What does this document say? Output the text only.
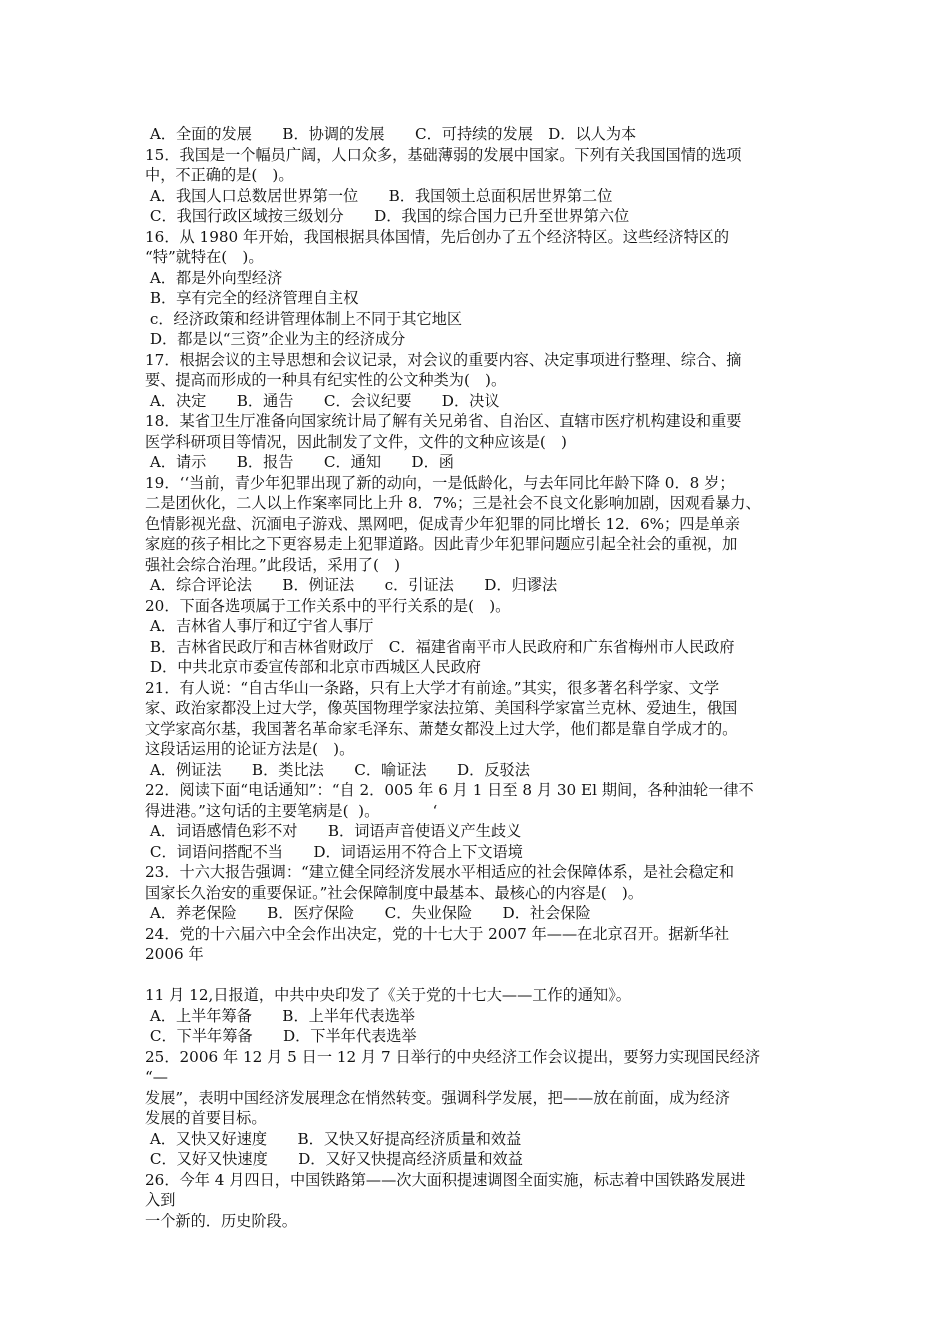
A．全面的发展　　B．协调的发展　　C．可持续的发展　D．以人为本
15．我国是一个幅员广阔，人口众多，基础薄弱的发展中国家。下列有关我国国情的选项
中，不正确的是(　)。
A．我国人口总数居世界第一位　　B．我国领土总面积居世界第二位
C．我国行政区域按三级划分　　D．我国的综合国力已升至世界第六位
16．从 1980 年开始，我国根据具体国情，先后创办了五个经济特区。这些经济特区的
“特”就特在(　)。
A．都是外向型经济
B．享有完全的经济管理自主权
c．经济政策和经讲管理体制上不同于其它地区
D．都是以“三资”企业为主的经济成分
17．根据会议的主导思想和会议记录，对会议的重要内容、决定事项进行整理、综合、摘
要、提高而形成的一种具有纪实性的公文种类为(　)。
A．决定　　B．通告　　C．会议纪要　　D．决议
18．某省卫生厅准备向国家统计局了解有关兄弟省、自治区、直辖市医疗机构建设和重要
医学科研项目等情况，因此制发了文件，文件的文种应该是(　)
A．请示　　B．报告　　C．通知　　D．函
19．‘‘当前，青少年犯罪出现了新的动向，一是低龄化，与去年同比年龄下降 0．8 岁；
二是团伙化，二人以上作案率同比上升 8．7%；三是社会不良文化影响加剧，因观看暴力、
色情影视光盘、沉湎电子游戏、黑网吧，促成青少年犯罪的同比增长 12．6%；四是单亲
家庭的孩子相比之下更容易走上犯罪道路。因此青少年犯罪问题应引起全社会的重视，加
强社会综合治理。”此段话，采用了(　)
A．综合评论法　　B．例证法　　c．引证法　　D．归谬法
20．下面各选项属于工作关系中的平行关系的是(　)。
A．吉林省人事厅和辽宁省人事厅
B．吉林省民政厅和吉林省财政厅　C．福建省南平市人民政府和广东省梅州市人民政府
D．中共北京市委宣传部和北京市西城区人民政府
21．有人说：“自古华山一条路，只有上大学才有前途。”其实，很多著名科学家、文学
家、政治家都没上过大学，像英国物理学家法拉第、美国科学家富兰克林、爱迪生，俄国
文学家高尔基，我国著名革命家毛泽东、萧楚女都没上过大学，他们都是靠自学成才的。
这段话运用的论证方法是(　)。
A．例证法　　B．类比法　　C．喻证法　　D．反驳法
22．阅读下面“电话通知”：“自 2．005 年 6 月 1 日至 8 月 30 El 期间，各种油轮一律不
得进港。”这句话的主要笔病是(  )。　　　　‘
A．词语感情色彩不对　　B．词语声音使语义产生歧义
C．词语问搭配不当　　D．词语运用不符合上下文语境
23．十六大报告强调：“建立健全同经济发展水平相适应的社会保障体系，是社会稳定和
国家长久治安的重要保证。”社会保障制度中最基本、最核心的内容是(　)。
A．养老保险　　B．医疗保险　　C．失业保险　　D．社会保险
24．党的十六届六中全会作出决定，党的十七大于 2007 年——在北京召开。据新华社
2006 年
11 月 12,日报道，中共中央印发了《关于党的十七大——工作的通知》。
A．上半年筹备　　B．上半年代表选举
C．下半年筹备　　D．下半年代表选举
25．2006 年 12 月 5 日一 12 月 7 日举行的中央经济工作会议提出，要努力实现国民经济
“—
发展”，表明中国经济发展理念在悄然转变。强调科学发展，把——放在前面，成为经济
发展的首要目标。
A．又快又好速度　　B．又快又好提高经济质量和效益
C．又好又快速度　　D．又好又快提高经济质量和效益
26．今年 4 月四日，中国铁路第——次大面积提速调图全面实施，标志着中国铁路发展进
入到
一个新的．历史阶段。
